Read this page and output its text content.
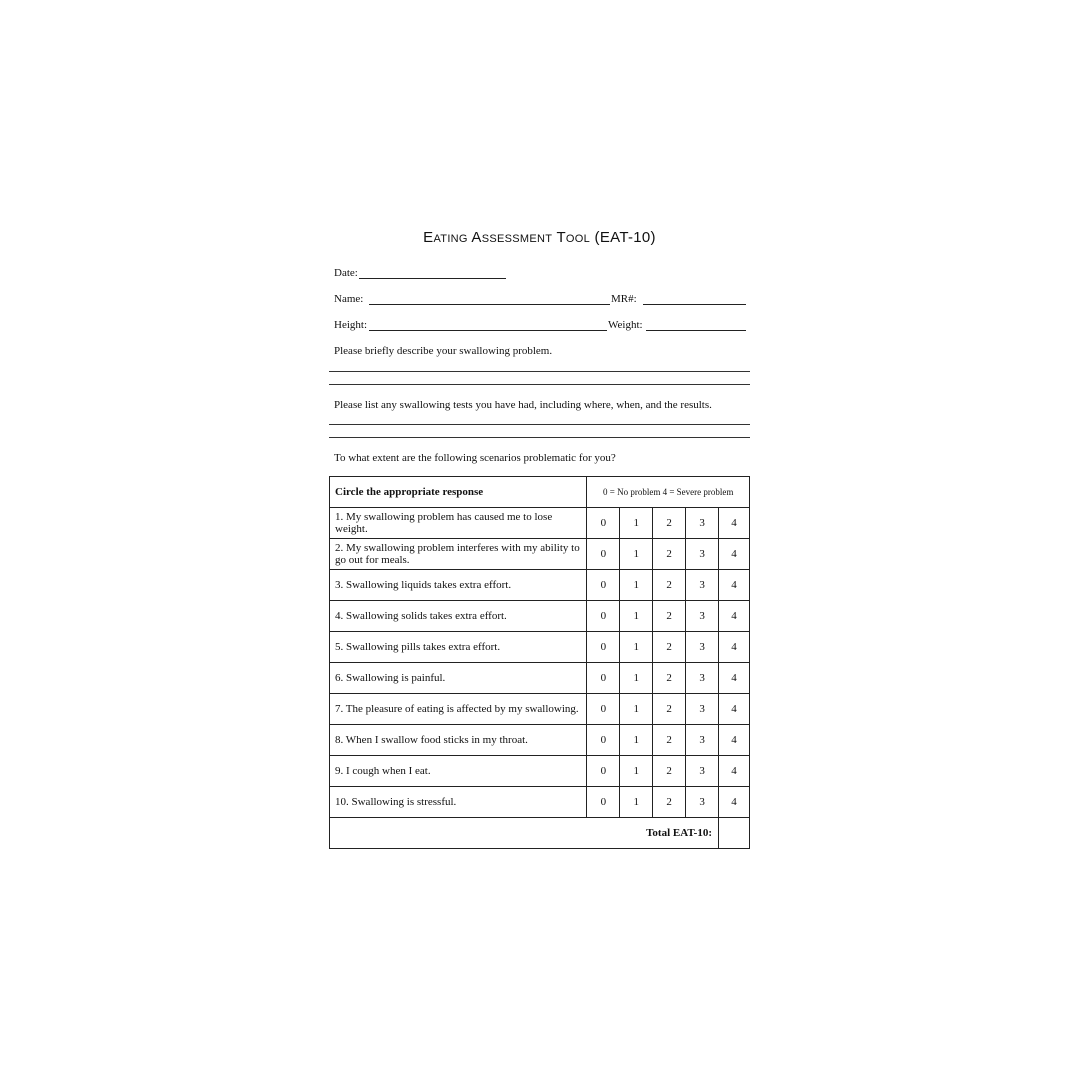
Eating Assessment Tool (EAT-10)
Date:
Name:	MR#:
Height:	Weight:
Please briefly describe your swallowing problem.
Please list any swallowing tests you have had, including where, when, and the results.
To what extent are the following scenarios problematic for you?
Circle the appropriate response	0 = No problem 4 = Severe problem				
1. My swallowing problem has caused me to lose weight.	0	1	2	3	4
2. My swallowing problem interferes with my ability to go out for meals.	0	1	2	3	4
3. Swallowing liquids takes extra effort.	0	1	2	3	4
4. Swallowing solids takes extra effort.	0	1	2	3	4
5. Swallowing pills takes extra effort.	0	1	2	3	4
6. Swallowing is painful.	0	1	2	3	4
7. The pleasure of eating is affected by my swallowing.	0	1	2	3	4
8. When I swallow food sticks in my throat.	0	1	2	3	4
9. I cough when I eat.	0	1	2	3	4
10. Swallowing is stressful.	0	1	2	3	4
Total EAT-10:					
